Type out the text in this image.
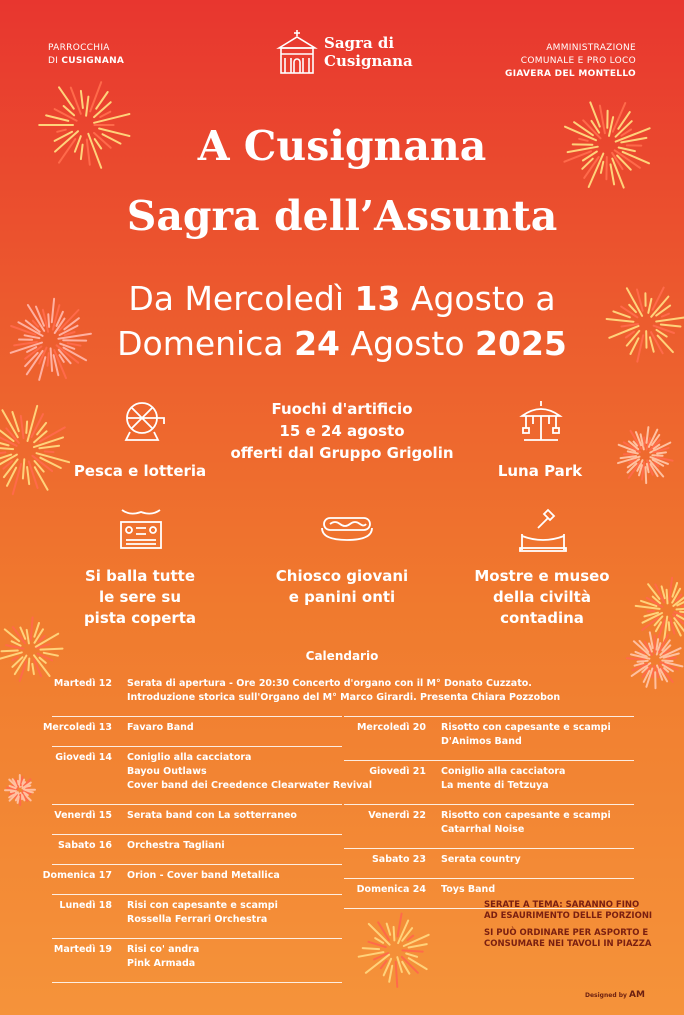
PARROCCHIA
DI CUSIGNANA
Sagra di
Cusignana
AMMINISTRAZIONE
COMUNALE E PRO LOCO
GIAVERA DEL MONTELLO
A Cusignana
Sagra dell’Assunta
Da Mercoledì 13 Agosto a
Domenica 24 Agosto 2025
Pesca e lotteria
Fuochi d'artificio
15 e 24 agosto
offerti dal Gruppo Grigolin
Luna Park
Si balla tutte
le sere su
pista coperta
Chiosco giovani
e panini onti
Mostre e museo
della civiltà
contadina
Calendario
Martedì 12 Serata di apertura - Ore 20:30 Concerto d'organo con il M° Donato Cuzzato.
Introduzione storica sull'Organo del M° Marco Girardi. Presenta Chiara Pozzobon
Mercoledì 13 Favaro Band
Giovedì 14 Coniglio alla cacciatora
Bayou Outlaws
Cover band dei Creedence Clearwater Revival
Venerdì 15 Serata band con La sotterraneo
Sabato 16 Orchestra Tagliani
Domenica 17 Orion - Cover band Metallica
Lunedì 18 Risi con capesante e scampi
Rossella Ferrari Orchestra
Martedì 19 Risi co' andra
Pink Armada
Mercoledì 20 Risotto con capesante e scampi
D'Animos Band
Giovedì 21 Coniglio alla cacciatora
La mente di Tetzuya
Venerdì 22 Risotto con capesante e scampi
Catarrhal Noise
Sabato 23 Serata country
Domenica 24 Toys Band
SERATE A TEMA: SARANNO FINO
AD ESAURIMENTO DELLE PORZIONI
SI PUÒ ORDINARE PER ASPORTO E
CONSUMARE NEI TAVOLI IN PIAZZA
Designed by AM
